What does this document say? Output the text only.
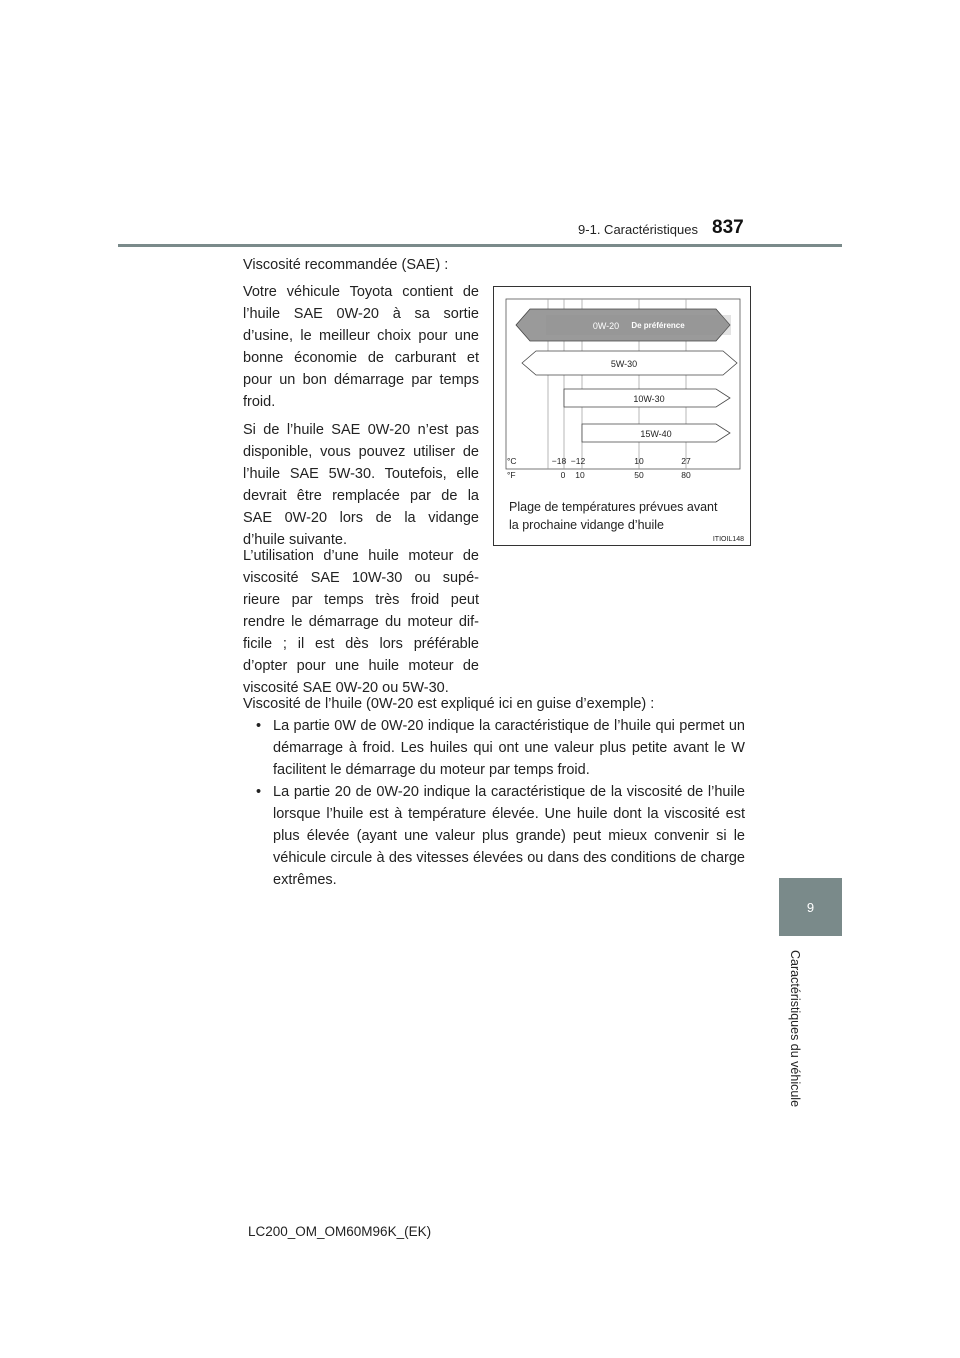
9-1. Caractéristiques 837
9
Caractéristiques du véhicule
Viscosité recommandée (SAE) :
Votre véhicule Toyota contient de l’huile SAE 0W-20 à sa sortie d’usine, le meilleur choix pour une bonne économie de carburant et pour un bon démarrage par temps froid.
Si de l’huile SAE 0W-20 n’est pas disponible, vous pouvez utiliser de l’huile SAE 5W-30. Toutefois, elle devrait être remplacée par de la SAE 0W-20 lors de la vidange d’huile suivante.
L’utilisation d’une huile moteur de viscosité SAE 10W-30 ou supé-rieure par temps très froid peut rendre le démarrage du moteur dif-ficile ; il est dès lors préférable d’opter pour une huile moteur de viscosité SAE 0W-20 ou 5W-30.
Viscosité de l’huile (0W-20 est expliqué ici en guise d’exemple) :
• La partie 0W de 0W-20 indique la caractéristique de l’huile qui permet un démarrage à froid. Les huiles qui ont une valeur plus petite avant le W facilitent le démarrage du moteur par temps froid.
• La partie 20 de 0W-20 indique la caractéristique de la viscosité de l’huile lorsque l’huile est à température élevée. Une huile dont la viscosité est plus élevée (ayant une valeur plus grande) peut mieux convenir si le véhicule circule à des vitesses élevées ou dans des conditions de charge extrêmes.
0W-20 De préférence
5W-30
10W-30
15W-40
°C
°F
−18 −12	10	27
0 10	50	80
Plage de températures prévues avant
la prochaine vidange d’huile
ITIOIL148
LC200_OM_OM60M96K_(EK)
